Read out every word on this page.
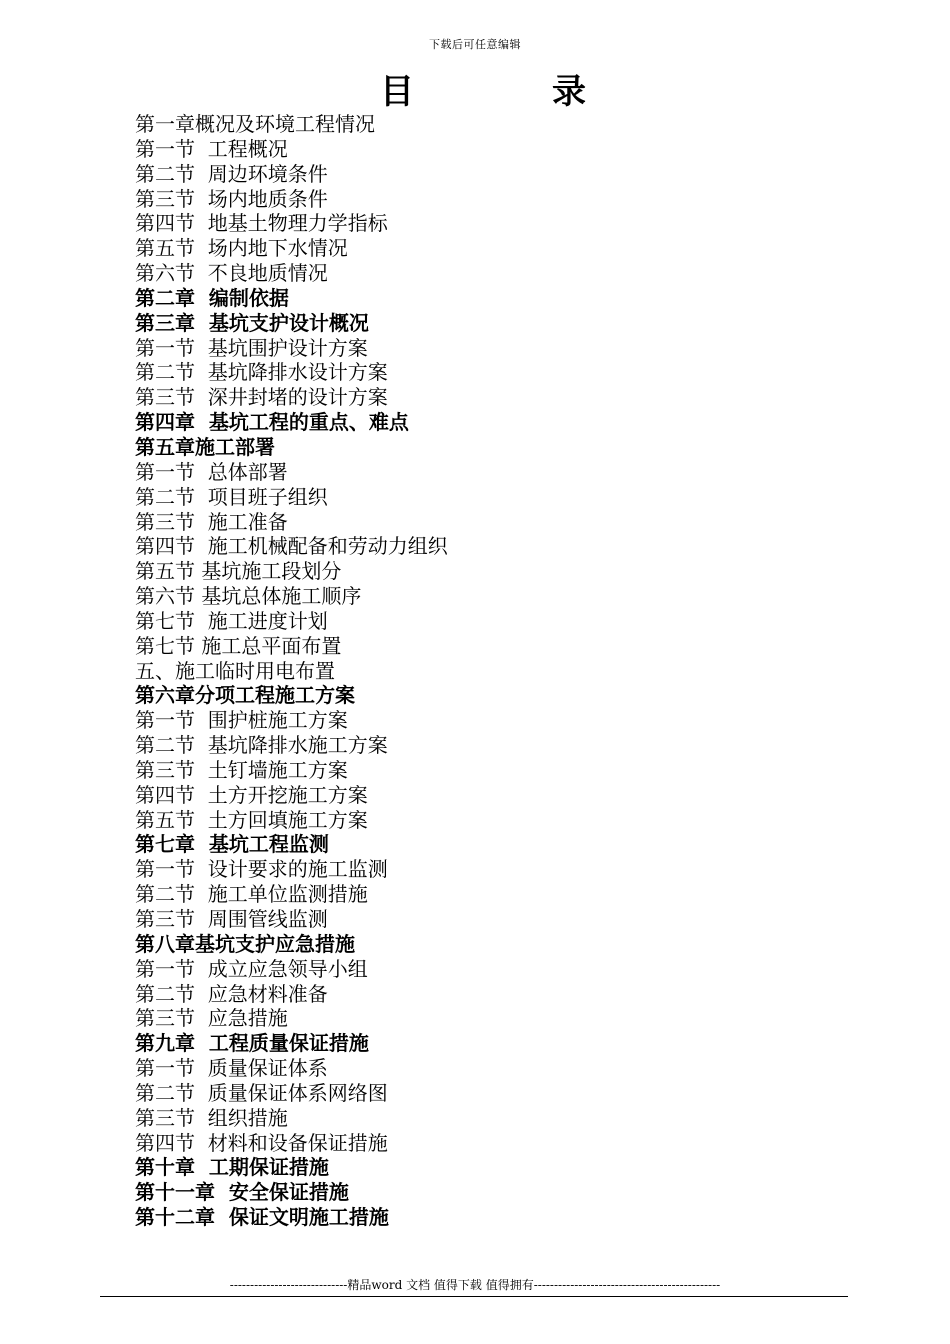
下载后可任意编辑
目	录
第一章概况及环境工程情况
第一节  工程概况
第二节  周边环境条件
第三节  场内地质条件
第四节  地基土物理力学指标
第五节  场内地下水情况
第六节  不良地质情况
第二章  编制依据
第三章  基坑支护设计概况
第一节  基坑围护设计方案
第二节  基坑降排水设计方案
第三节  深井封堵的设计方案
第四章  基坑工程的重点、难点
第五章施工部署
第一节  总体部署
第二节  项目班子组织
第三节  施工准备
第四节  施工机械配备和劳动力组织
第五节 基坑施工段划分
第六节 基坑总体施工顺序
第七节  施工进度计划
第七节 施工总平面布置
五、施工临时用电布置
第六章分项工程施工方案
第一节  围护桩施工方案
第二节  基坑降排水施工方案
第三节  土钉墙施工方案
第四节  土方开挖施工方案
第五节  土方回填施工方案
第七章  基坑工程监测
第一节  设计要求的施工监测
第二节  施工单位监测措施
第三节  周围管线监测
第八章基坑支护应急措施
第一节  成立应急领导小组
第二节  应急材料准备
第三节  应急措施
第九章  工程质量保证措施
第一节  质量保证体系
第二节  质量保证体系网络图
第三节  组织措施
第四节  材料和设备保证措施
第十章  工期保证措施
第十一章  安全保证措施
第十二章  保证文明施工措施
-----------------------------精品word 文档 值得下载 值得拥有----------------------------------------------
